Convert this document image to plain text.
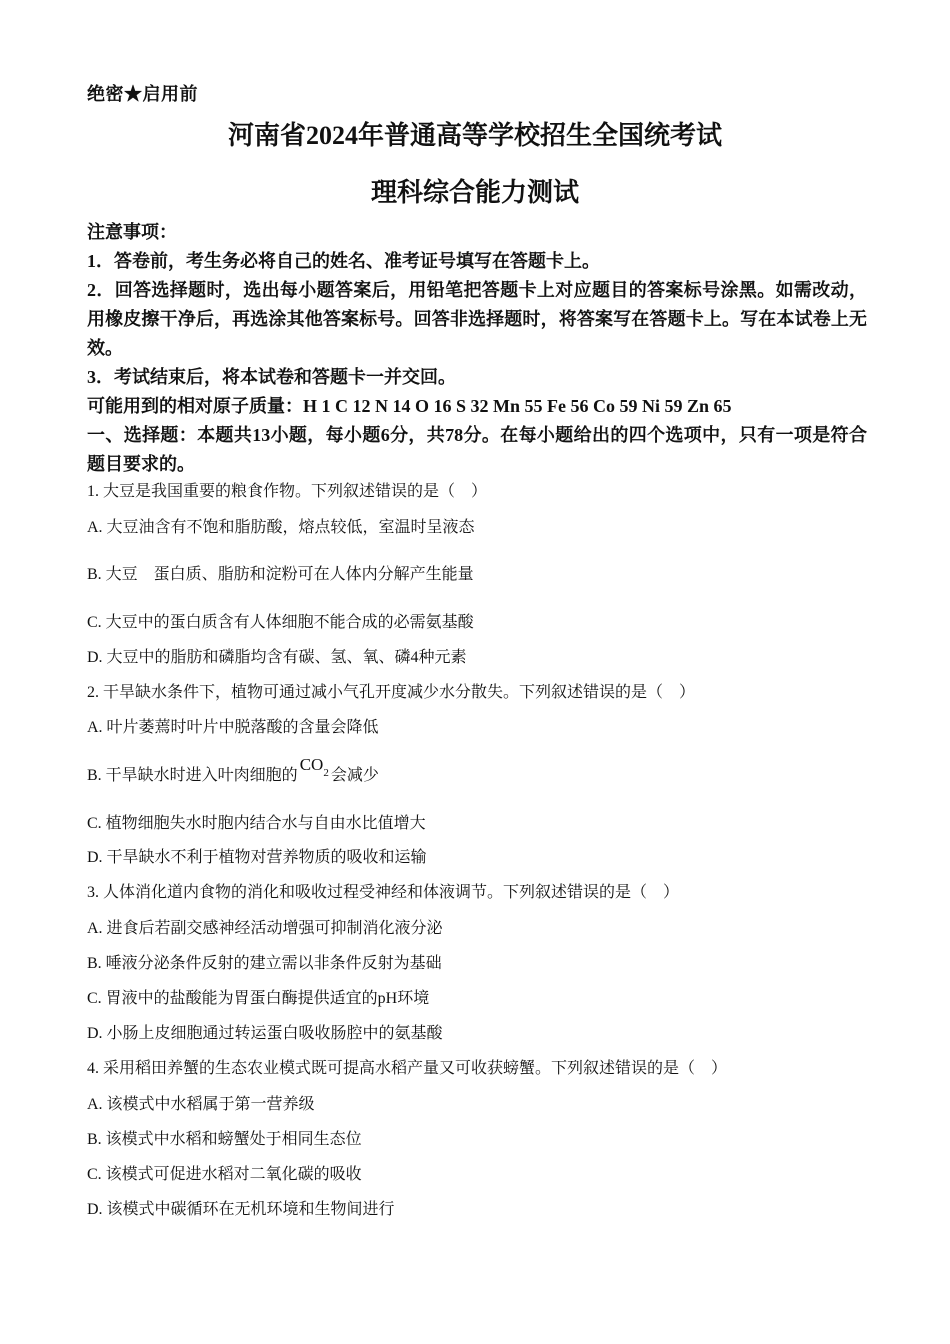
绝密★启用前
河南省2024年普通高等学校招生全国统考试
理科综合能力测试

注意事项：

1．答卷前，考生务必将自己的姓名、准考证号填写在答题卡上。

2．回答选择题时，选出每小题答案后，用铅笔把答题卡上对应题目的答案标号涂黑。如需改动，用橡皮擦干净后，再选涂其他答案标号。回答非选择题时，将答案写在答题卡上。写在本试卷上无效。

3．考试结束后，将本试卷和答题卡一并交回。

可能用到的相对原子质量：H 1 C 12 N 14 O 16 S 32 Mn 55 Fe 56 Co 59 Ni 59 Zn 65

一、选择题：本题共13小题，每小题6分，共78分。在每小题给出的四个选项中，只有一项是符合题目要求的。

1. 大豆是我国重要的粮食作物。下列叙述错误的是（　）
A. 大豆油含有不饱和脂肪酸，熔点较低，室温时呈液态
B. 大豆　蛋白质、脂肪和淀粉可在人体内分解产生能量
C. 大豆中的蛋白质含有人体细胞不能合成的必需氨基酸
D. 大豆中的脂肪和磷脂均含有碳、氢、氧、磷4种元素
2. 干旱缺水条件下，植物可通过减小气孔开度减少水分散失。下列叙述错误的是（　）
A. 叶片萎蔫时叶片中脱落酸的含量会降低
B. 干旱缺水时进入叶肉细胞的$CO_2$ 会减少
C. 植物细胞失水时胞内结合水与自由水比值增大
D. 干旱缺水不利于植物对营养物质的吸收和运输
3. 人体消化道内食物的消化和吸收过程受神经和体液调节。下列叙述错误的是（　）
A. 进食后若副交感神经活动增强可抑制消化液分泌
B. 唾液分泌条件反射的建立需以非条件反射为基础
C. 胃液中的盐酸能为胃蛋白酶提供适宜的pH环境
D. 小肠上皮细胞通过转运蛋白吸收肠腔中的氨基酸
4. 采用稻田养蟹的生态农业模式既可提高水稻产量又可收获螃蟹。下列叙述错误的是（　）
A. 该模式中水稻属于第一营养级
B. 该模式中水稻和螃蟹处于相同生态位
C. 该模式可促进水稻对二氧化碳的吸收
D. 该模式中碳循环在无机环境和生物间进行
